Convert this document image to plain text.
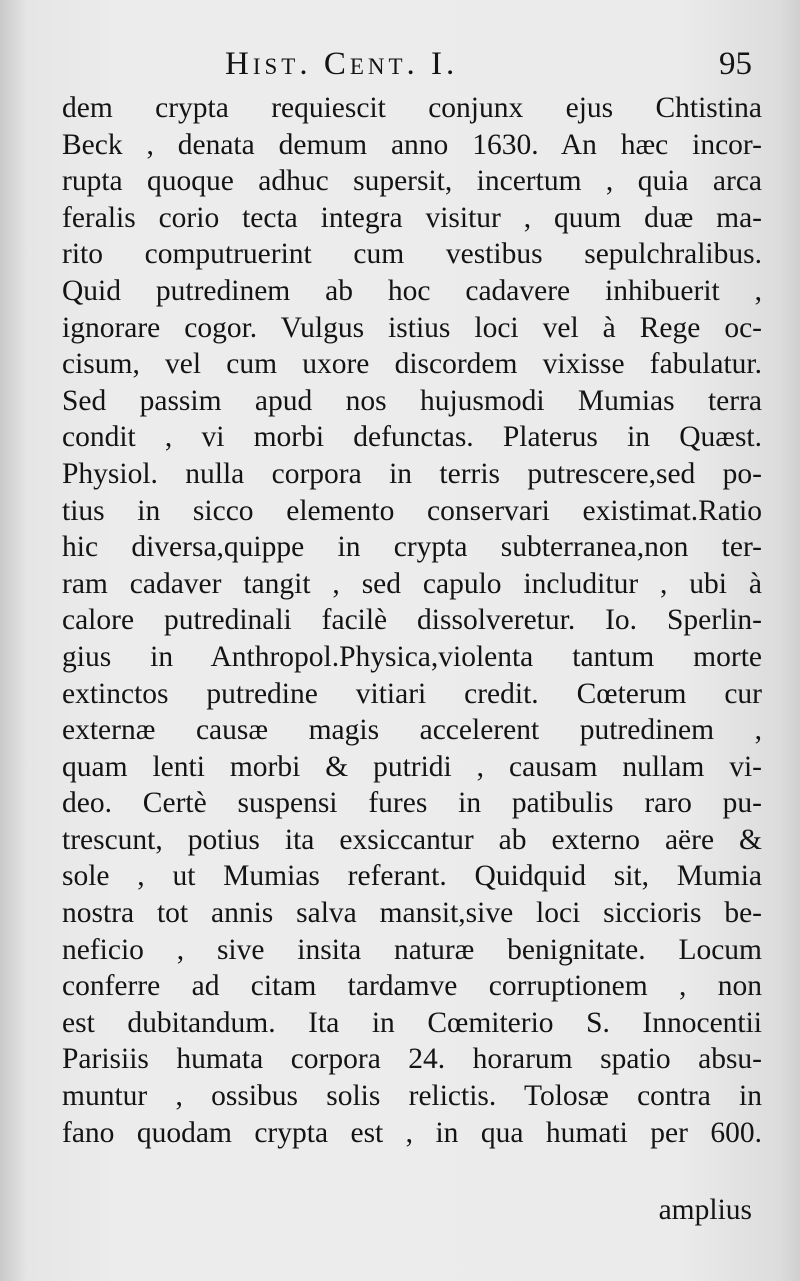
Hist. Cent. I.	95
dem crypta requiescit conjunx ejus Chtistina
Beck , denata demum anno 1630. An hæc incor-
rupta quoque adhuc supersit, incertum , quia arca
feralis corio tecta integra visitur , quum duæ ma-
rito computruerint cum vestibus sepulchralibus.
Quid putredinem ab hoc cadavere inhibuerit ,
ignorare cogor. Vulgus istius loci vel à Rege oc-
cisum, vel cum uxore discordem vixisse fabulatur.
Sed passim apud nos hujusmodi Mumias terra
condit , vi morbi defunctas. Platerus in Quæst.
Physiol. nulla corpora in terris putrescere,sed po-
tius in sicco elemento conservari existimat.Ratio
hic diversa,quippe in crypta subterranea,non ter-
ram cadaver tangit , sed capulo includitur , ubi à
calore putredinali facilè dissolveretur. Io. Sperlin-
gius in Anthropol.Physica,violenta tantum morte
extinctos putredine vitiari credit. Cœterum cur
externæ causæ magis accelerent putredinem ,
quam lenti morbi & putridi , causam nullam vi-
deo. Certè suspensi fures in patibulis raro pu-
trescunt, potius ita exsiccantur ab externo aëre &
sole , ut Mumias referant. Quidquid sit, Mumia
nostra tot annis salva mansit,sive loci siccioris be-
neficio , sive insita naturæ benignitate. Locum
conferre ad citam tardamve corruptionem , non
est dubitandum. Ita in Cœmiterio S. Innocentii
Parisiis humata corpora 24. horarum spatio absu-
muntur , ossibus solis relictis. Tolosæ contra in
fano quodam crypta est , in qua humati per 600.
amplius
